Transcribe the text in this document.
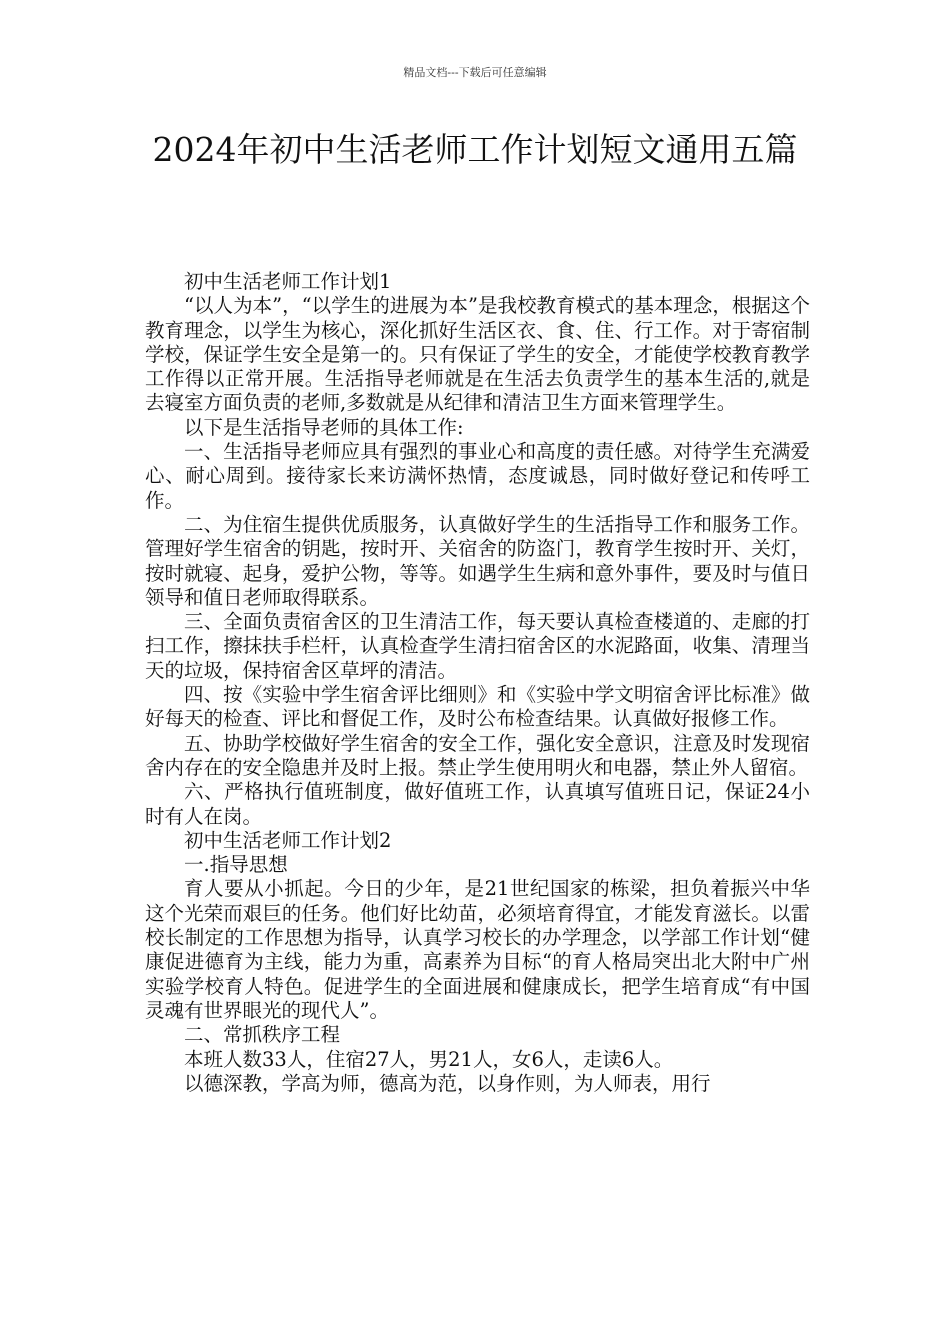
精品文档---下载后可任意编辑
2024年初中生活老师工作计划短文通用五篇

初中生活老师工作计划1

“以人为本”，“以学生的进展为本”是我校教育模式的基本理念，根据这个教育理念，以学生为核心，深化抓好生活区衣、食、住、行工作。对于寄宿制学校，保证学生安全是第一的。只有保证了学生的安全，才能使学校教育教学工作得以正常开展。生活指导老师就是在生活去负责学生的基本生活的,就是去寝室方面负责的老师,多数就是从纪律和清洁卫生方面来管理学生。

以下是生活指导老师的具体工作:

一、生活指导老师应具有强烈的事业心和高度的责任感。对待学生充满爱心、耐心周到。接待家长来访满怀热情，态度诚恳，同时做好登记和传呼工作。

二、为住宿生提供优质服务，认真做好学生的生活指导工作和服务工作。管理好学生宿舍的钥匙，按时开、关宿舍的防盗门，教育学生按时开、关灯，按时就寝、起身，爱护公物，等等。如遇学生生病和意外事件，要及时与值日领导和值日老师取得联系。

三、全面负责宿舍区的卫生清洁工作，每天要认真检查楼道的、走廊的打扫工作，擦抹扶手栏杆，认真检查学生清扫宿舍区的水泥路面，收集、清理当天的垃圾，保持宿舍区草坪的清洁。

四、按《实验中学生宿舍评比细则》和《实验中学文明宿舍评比标准》做好每天的检查、评比和督促工作，及时公布检查结果。认真做好报修工作。

五、协助学校做好学生宿舍的安全工作，强化安全意识，注意及时发现宿舍内存在的安全隐患并及时上报。禁止学生使用明火和电器，禁止外人留宿。

六、严格执行值班制度，做好值班工作，认真填写值班日记，保证24小时有人在岗。

初中生活老师工作计划2

一.指导思想

育人要从小抓起。今日的少年，是21世纪国家的栋梁，担负着振兴中华这个光荣而艰巨的任务。他们好比幼苗，必须培育得宜，才能发育滋长。以雷校长制定的工作思想为指导，认真学习校长的办学理念，以学部工作计划“健康促进德育为主线，能力为重，高素养为目标“的育人格局突出北大附中广州实验学校育人特色。促进学生的全面进展和健康成长，把学生培育成“有中国灵魂有世界眼光的现代人”。

二、常抓秩序工程

本班人数33人，住宿27人，男21人，女6人，走读6人。

以德深教，学高为师，德高为范，以身作则，为人师表，用行
